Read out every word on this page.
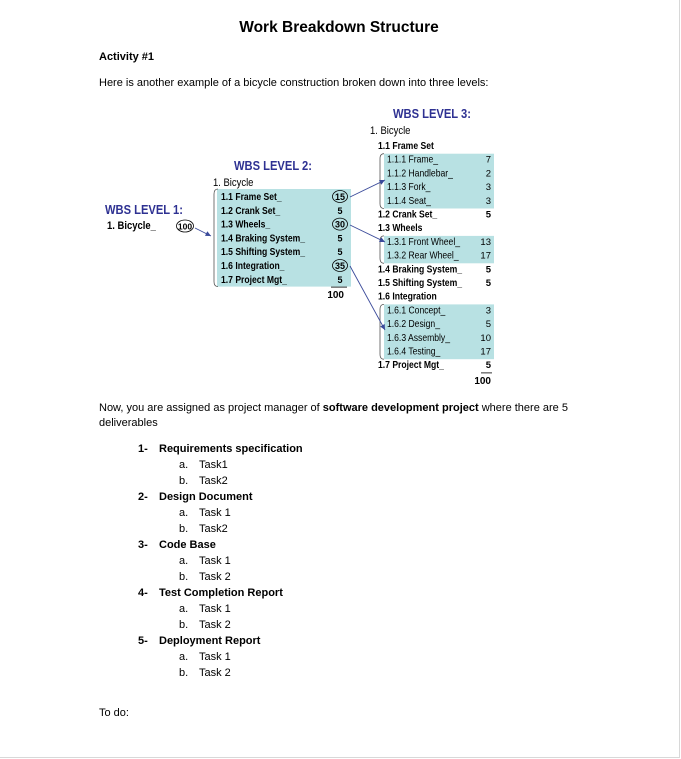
Work Breakdown Structure
Activity #1
Here is another example of a bicycle construction broken down into three levels:
WBS LEVEL 1:
1. Bicycle_	100
WBS LEVEL 2:
1. Bicycle
1.1 Frame Set_	15
1.2 Crank Set_	5
1.3 Wheels_	30
1.4 Braking System_	5
1.5 Shifting System_	5
1.6 Integration_	35
1.7 Project Mgt_	5
100
WBS LEVEL 3:
1. Bicycle
1.1 Frame Set
1.1.1 Frame_	7
1.1.2 Handlebar_	2
1.1.3 Fork_	3
1.1.4 Seat_	3
1.2 Crank Set_	5
1.3 Wheels
1.3.1 Front Wheel_ 13
1.3.2 Rear Wheel_ 17
1.4 Braking System_ 5
1.5 Shifting System_ 5
1.6 Integration
1.6.1 Concept_	3
1.6.2 Design_	5
1.6.3 Assembly_	10
1.6.4 Testing_	17
1.7 Project Mgt_	5
100
Now, you are assigned as project manager of software development project where there are 5 deliverables
1- Requirements specification
a. Task1
b. Task2
2- Design Document
a. Task 1
b. Task2
3- Code Base
a. Task 1
b. Task 2
4- Test Completion Report
a. Task 1
b. Task 2
5- Deployment Report
a. Task 1
b. Task 2
To do:
